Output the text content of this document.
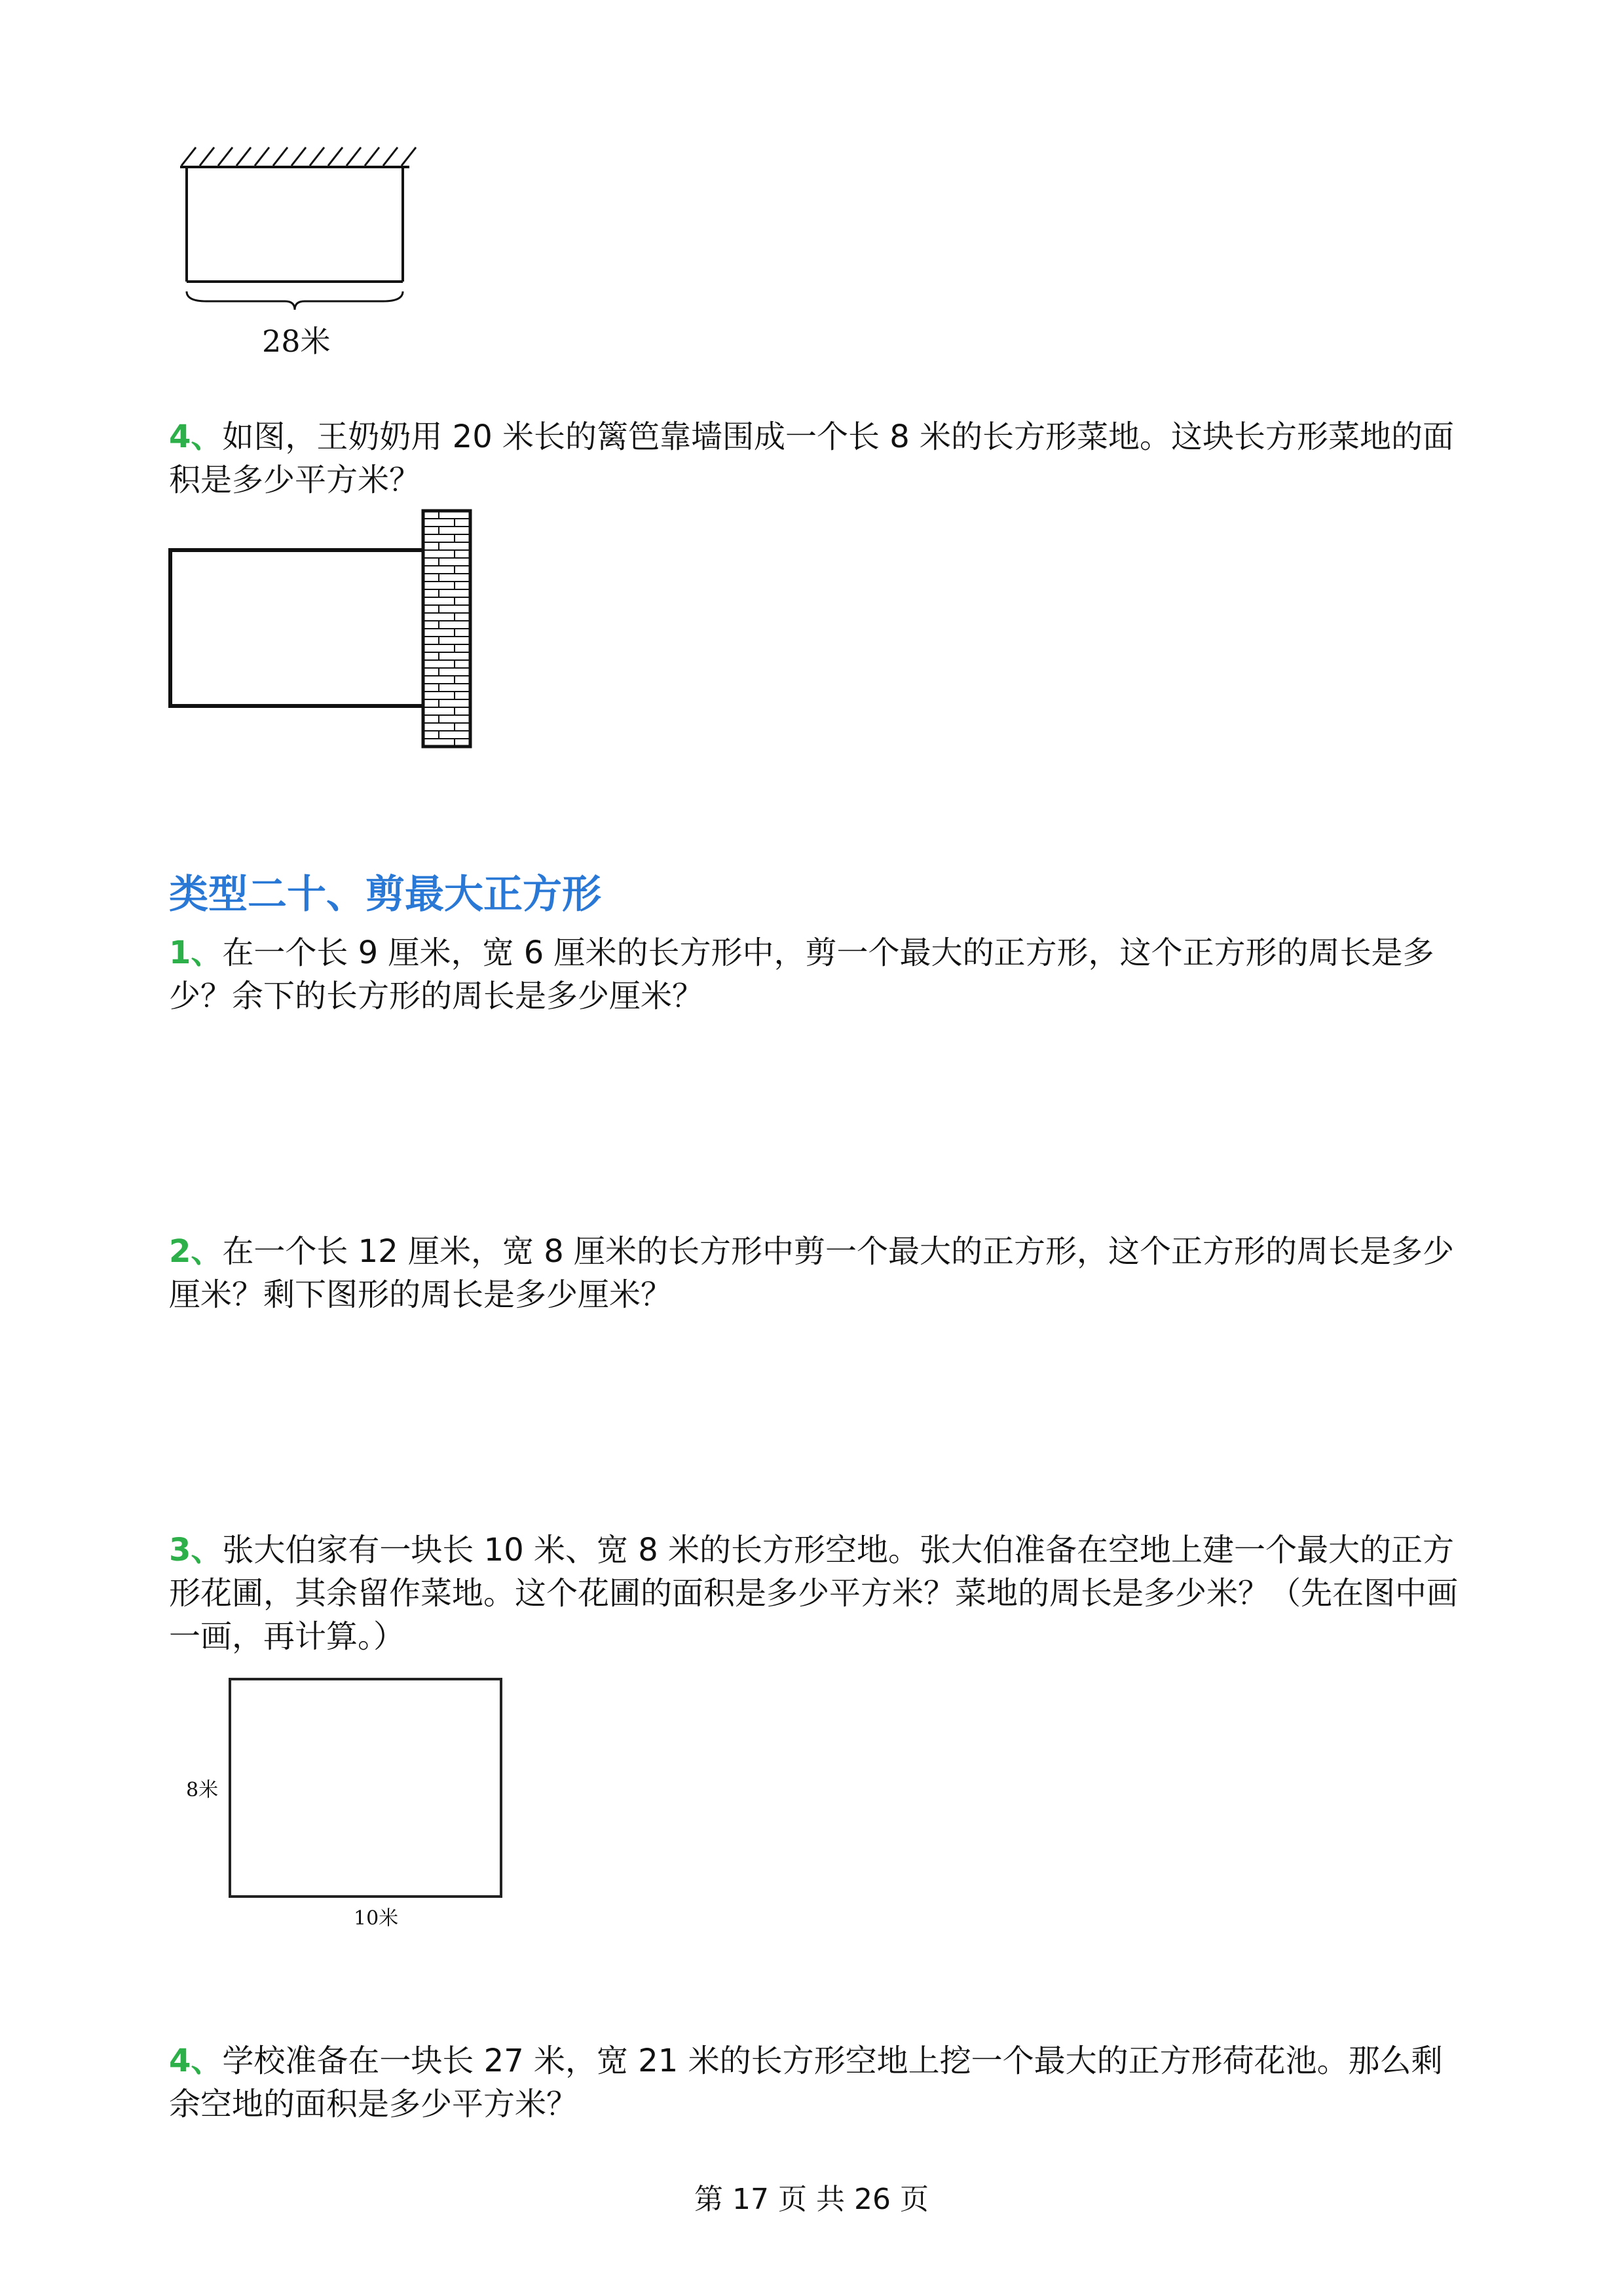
28米
4、如图，王奶奶用 20 米长的篱笆靠墙围成一个长 8 米的长方形菜地。这块长方形菜地的面积是多少平方米？
类型二十、剪最大正方形
1、在一个长 9 厘米，宽 6 厘米的长方形中，剪一个最大的正方形，这个正方形的周长是多少？余下的长方形的周长是多少厘米？
2、在一个长 12 厘米，宽 8 厘米的长方形中剪一个最大的正方形，这个正方形的周长是多少厘米？剩下图形的周长是多少厘米？
3、张大伯家有一块长 10 米、宽 8 米的长方形空地。张大伯准备在空地上建一个最大的正方形花圃，其余留作菜地。这个花圃的面积是多少平方米？菜地的周长是多少米？（先在图中画一画，再计算。）
8米
10米
4、学校准备在一块长 27 米，宽 21 米的长方形空地上挖一个最大的正方形荷花池。那么剩余空地的面积是多少平方米？
第 17 页 共 26 页
